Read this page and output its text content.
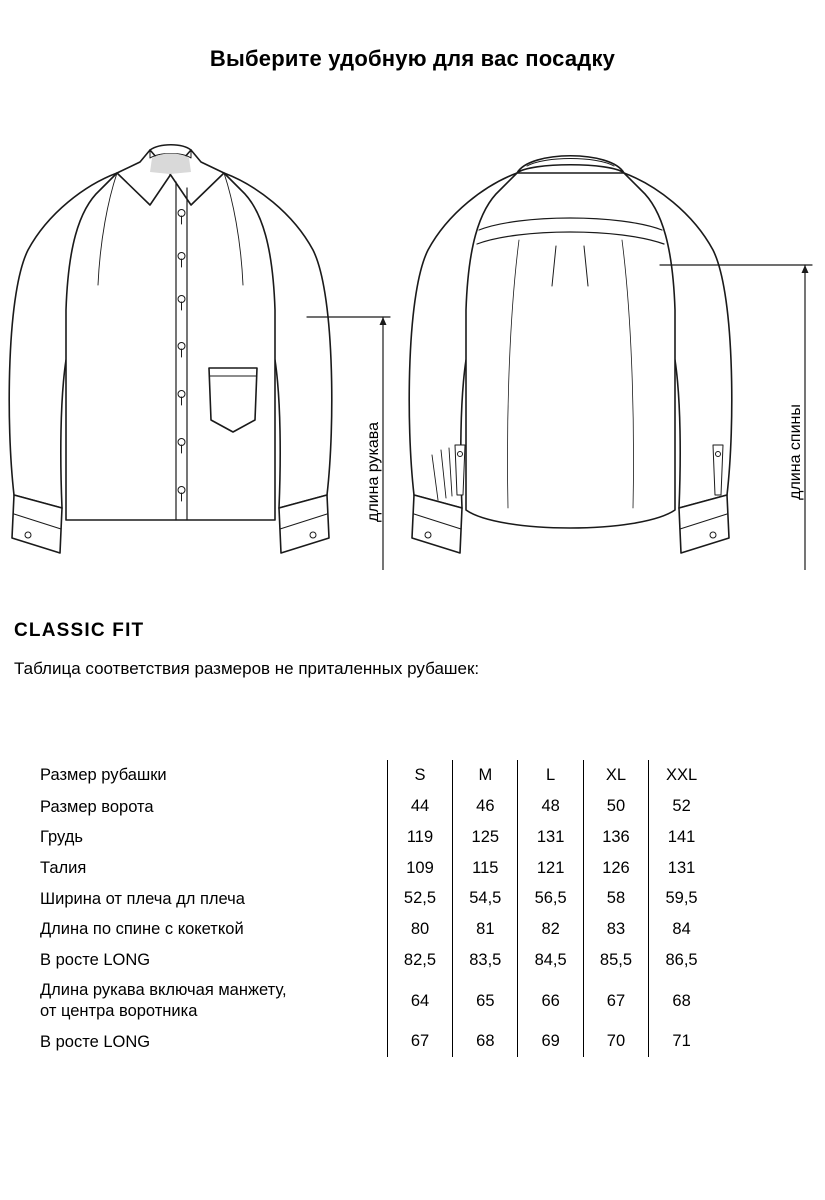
Выберите удобную для вас посадку
длина рукава	длина спины
CLASSIC FIT
Таблица соответствия размеров не приталенных рубашек:
Размер рубашки	S	M	L	XL	XXL
Размер ворота	44	46	48	50	52
Грудь	119	125	131	136	141
Талия	109	115	121	126	131
Ширина от плеча дл плеча	52,5	54,5	56,5	58	59,5
Длина по спине с кокеткой	80	81	82	83	84
В росте LONG	82,5	83,5	84,5	85,5	86,5
Длина рукава включая манжету,
от центра воротника	64	65	66	67	68
В росте LONG	67	68	69	70	71
